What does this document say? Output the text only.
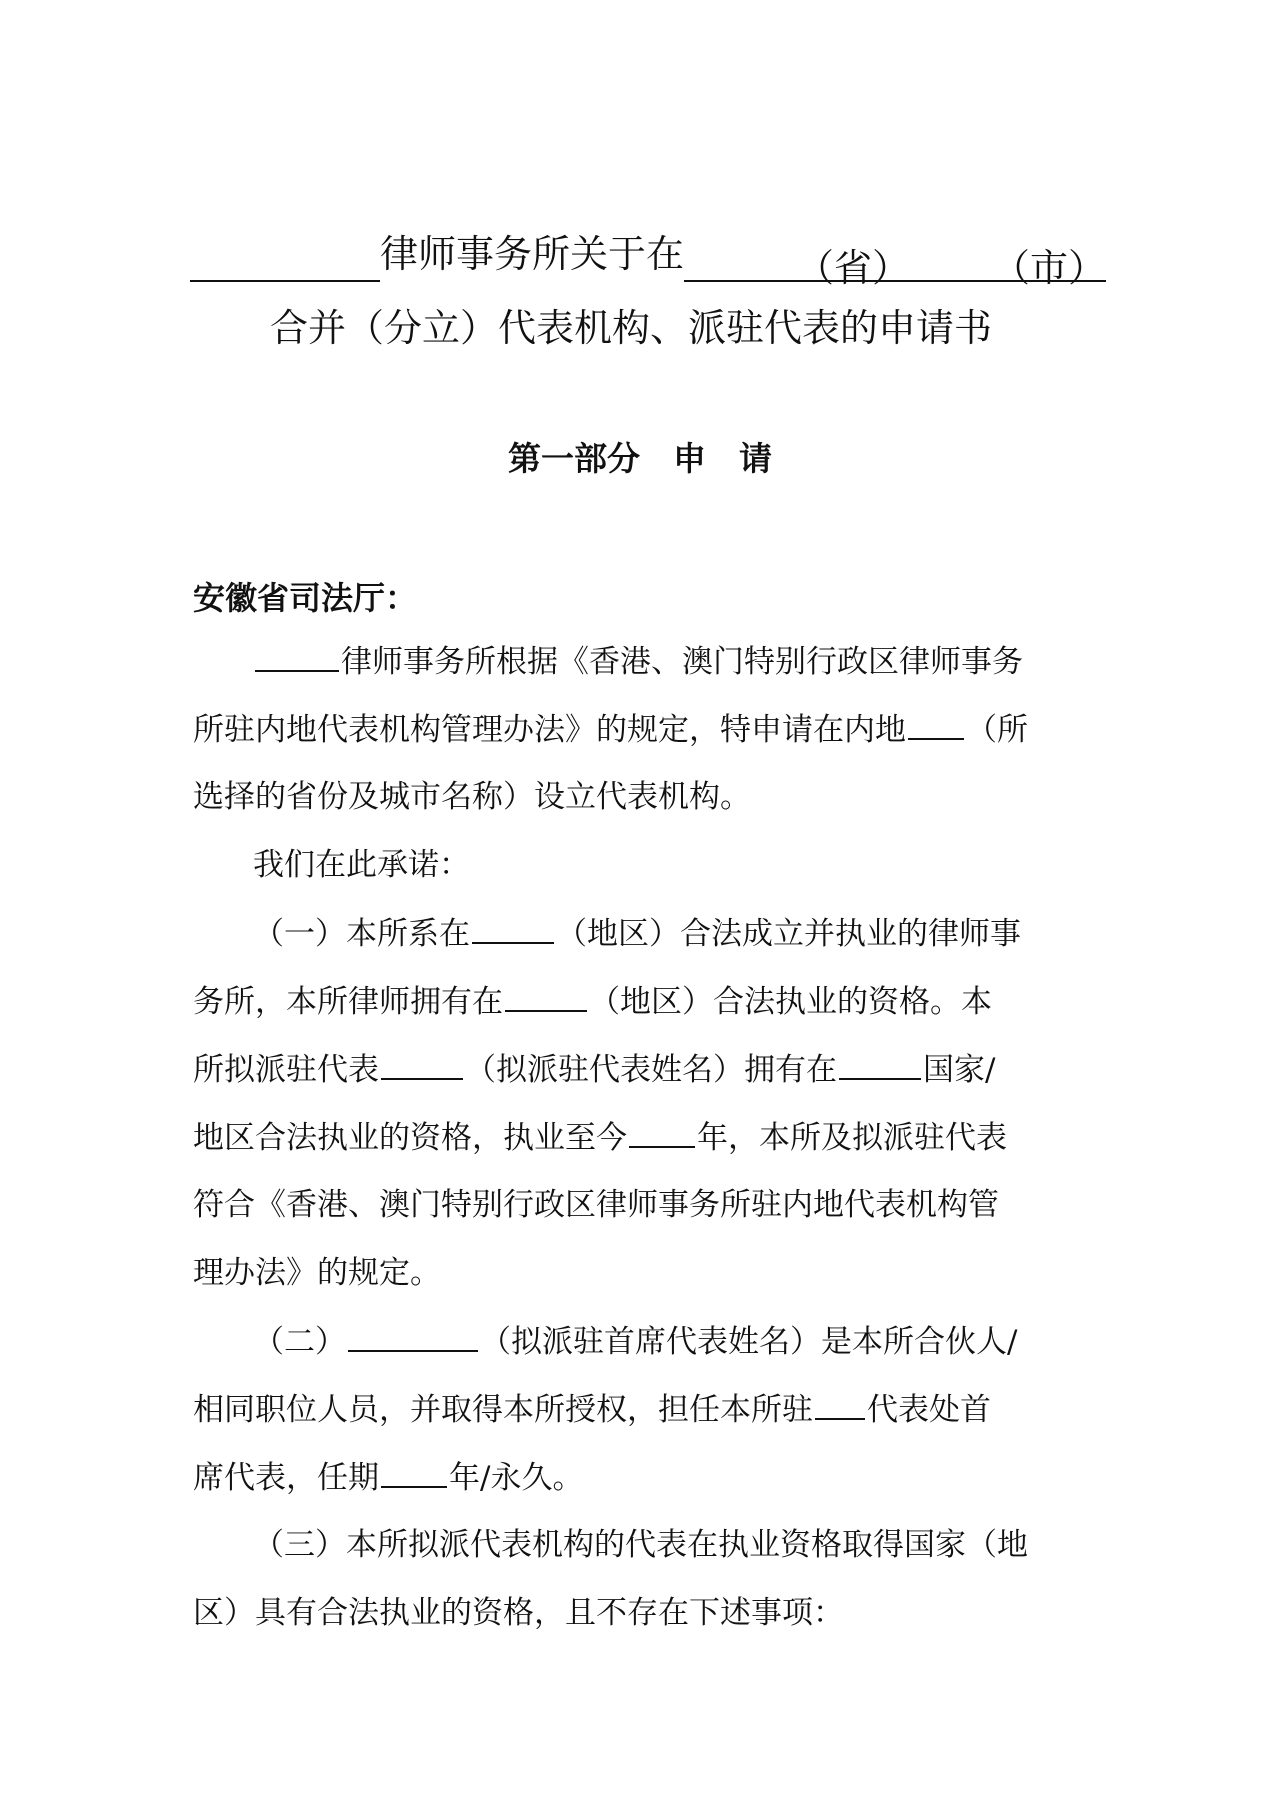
律师事务所关于在	（省） （市）
合并（分立）代表机构、派驻代表的申请书
第一部分　申　请
安徽省司法厅：
律师事务所根据《香港、澳门特别行政区律师事务
所驻内地代表机构管理办法》的规定，特申请在内地 （所
选择的省份及城市名称）设立代表机构。
我们在此承诺：
（一）本所系在	（地区）合法成立并执业的律师事
务所，本所律师拥有在	（地区）合法执业的资格。本
所拟派驻代表	（拟派驻代表姓名）拥有在	国家/
地区合法执业的资格，执业至今 年，本所及拟派驻代表
符合《香港、澳门特别行政区律师事务所驻内地代表机构管
理办法》的规定。
（二）	（拟派驻首席代表姓名）是本所合伙人/
相同职位人员，并取得本所授权，担任本所驻 代表处首
席代表，任期 年/永久。
（三）本所拟派代表机构的代表在执业资格取得国家（地
区）具有合法执业的资格，且不存在下述事项：
